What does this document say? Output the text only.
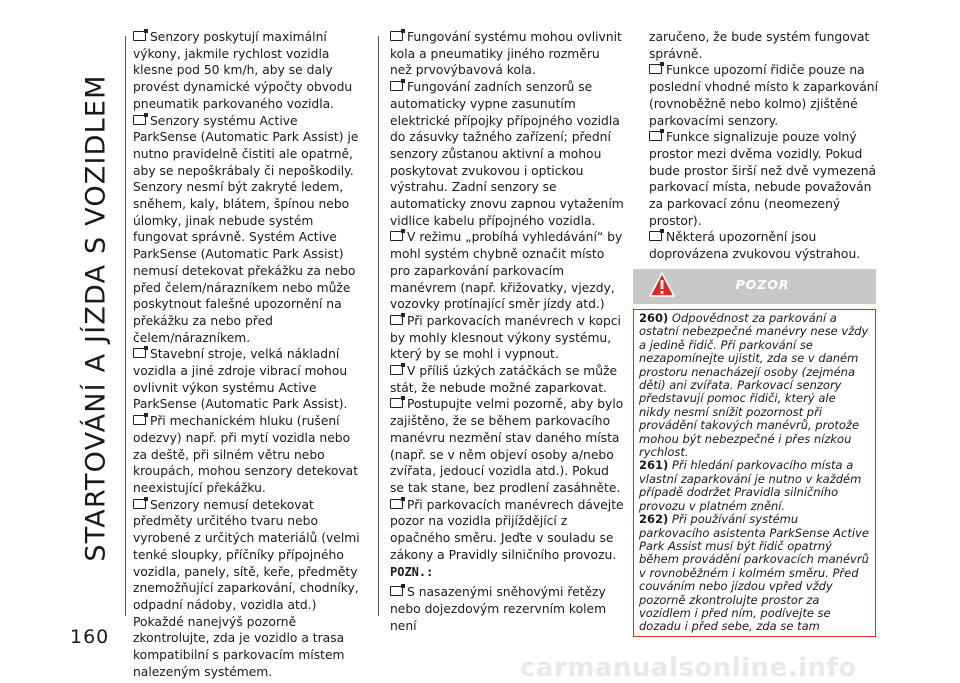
STARTOVÁNÍ A JÍZDA S VOZIDLEM

Senzory poskytují maximální výkony, jakmile rychlost vozidla klesne pod 50 km/h, aby se daly provést dynamické výpočty obvodu pneumatik parkovaného vozidla.

Senzory systému Active ParkSense (Automatic Park Assist) je nutno pravidelně čistiti ale opatrně, aby se nepoškrábaly či nepoškodily. Senzory nesmí být zakryté ledem, sněhem, kaly, blátem, špínou nebo úlomky, jinak nebude systém fungovat správně. Systém Active ParkSense (Automatic Park Assist) nemusí detekovat překážku za nebo před čelem/nárazníkem nebo může poskytnout falešné upozornění na překážku za nebo před čelem/nárazníkem.

Stavební stroje, velká nákladní vozidla a jiné zdroje vibrací mohou ovlivnit výkon systému Active ParkSense (Automatic Park Assist).

Při mechanickém hluku (rušení odezvy) např. při mytí vozidla nebo za deště, při silném větru nebo kroupách, mohou senzory detekovat neexistující překážku.

Senzory nemusí detekovat předměty určitého tvaru nebo vyrobené z určitých materiálů (velmi tenké sloupky, příčníky přípojného vozidla, panely, sítě, keře, předměty znemožňující zaparkování, chodníky, odpadní nádoby, vozidla atd.) Pokaždé nanejvýš pozorně zkontrolujte, zda je vozidlo a trasa kompatibilní s parkovacím místem nalezeným systémem.

Fungování systému mohou ovlivnit kola a pneumatiky jiného rozměru než prvovýbavová kola.

Fungování zadních senzorů se automaticky vypne zasunutím elektrické přípojky přípojného vozidla do zásuvky tažného zařízení; přední senzory zůstanou aktivní a mohou poskytovat zvukovou i optickou výstrahu. Zadní senzory se automaticky znovu zapnou vytažením vidlice kabelu přípojného vozidla.

V režimu „probíhá vyhledávání“ by mohl systém chybně označit místo pro zaparkování parkovacím manévrem (např. křižovatky, vjezdy, vozovky protínající směr jízdy atd.)

Při parkovacích manévrech v kopci by mohly klesnout výkony systému, který by se mohl i vypnout.

V příliš úzkých zatáčkách se může stát, že nebude možné zaparkovat.

Postupujte velmi pozorně, aby bylo zajištěno, že se během parkovacího manévru nezmění stav daného místa (např. se v něm objeví osoby a/nebo zvířata, jedoucí vozidla atd.). Pokud se tak stane, bez prodlení zasáhněte.

Při parkovacích manévrech dávejte pozor na vozidla přijíždějící z opačného směru. Jeďte v souladu se zákony a Pravidly silničního provozu.

POZN.:

S nasazenými sněhovými řetězy nebo dojezdovým rezervním kolem není

zaručeno, že bude systém fungovat správně.

Funkce upozorní řidiče pouze na poslední vhodné místo k zaparkování (rovnoběžně nebo kolmo) zjištěné parkovacími senzory.

Funkce signalizuje pouze volný prostor mezi dvěma vozidly. Pokud bude prostor širší než dvě vymezená parkovací místa, nebude považován za parkovací zónu (neomezený prostor).

Některá upozornění jsou doprovázena zvukovou výstrahou.

POZOR

260) Odpovědnost za parkování a ostatní nebezpečné manévry nese vždy a jedině řidič. Při parkování se nezapomínejte ujistit, zda se v daném prostoru nenacházejí osoby (zejména děti) ani zvířata. Parkovací senzory představují pomoc řidiči, který ale nikdy nesmí snížit pozornost při provádění takových manévrů, protože mohou být nebezpečné i přes nízkou rychlost.

261) Při hledání parkovacího místa a vlastní zaparkování je nutno v každém případě dodržet Pravidla silničního provozu v platném znění.

262) Při používání systému parkovacího asistenta ParkSense Active Park Assist musí být řidič opatrný během provádění parkovacích manévrů v rovnoběžném i kolmém směru. Před couváním nebo jízdou vpřed vždy pozorně zkontrolujte prostor za vozidlem i před ním, podívejte se dozadu i před sebe, zda se tam

160
carmanualsonline.info
